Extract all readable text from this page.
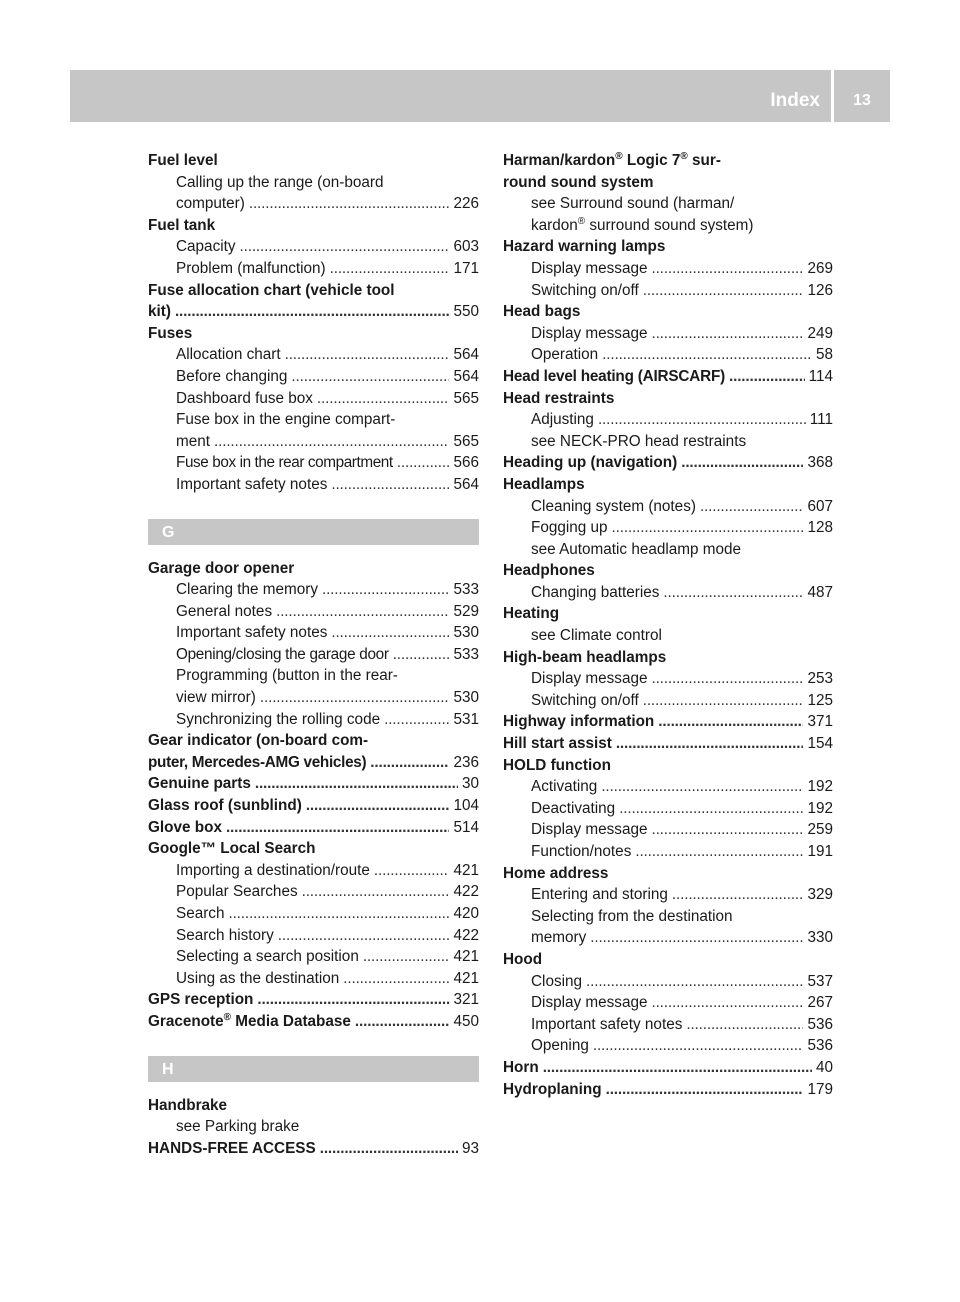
Index	13
Fuel level
Calling up the range (on-board
computer) . . .	226
Fuel tank
Capacity . . .	603
Problem (malfunction) . . .	171
Fuse allocation chart (vehicle tool
kit) . . .	550
Fuses
Allocation chart . . .	564
Before changing . . .	564
Dashboard fuse box . . .	565
Fuse box in the engine compart-
ment . . .	565
Fuse box in the rear compartment . . .	566
Important safety notes . . .	564
G
Garage door opener
Clearing the memory . . .	533
General notes . . .	529
Important safety notes . . .	530
Opening/closing the garage door . . .	533
Programming (button in the rear-
view mirror) . . .	530
Synchronizing the rolling code . . .	531
Gear indicator (on-board com-
puter, Mercedes-AMG vehicles) . . .	236
Genuine parts . . .	30
Glass roof (sunblind) . . .	104
Glove box . . .	514
Google™ Local Search
Importing a destination/route . . .	421
Popular Searches . . .	422
Search . . .	420
Search history . . .	422
Selecting a search position . . .	421
Using as the destination . . .	421
GPS reception . . .	321
Gracenote® Media Database . . .	450
H
Handbrake
see Parking brake
HANDS-FREE ACCESS . . .	93
Harman/kardon® Logic 7® sur-
round sound system
see Surround sound (harman/
kardon® surround sound system)
Hazard warning lamps
Display message . . .	269
Switching on/off . . .	126
Head bags
Display message . . .	249
Operation . . .	58
Head level heating (AIRSCARF) . . .	114
Head restraints
Adjusting . . .	111
see NECK-PRO head restraints
Heading up (navigation) . . .	368
Headlamps
Cleaning system (notes) . . .	607
Fogging up . . .	128
see Automatic headlamp mode
Headphones
Changing batteries . . .	487
Heating
see Climate control
High-beam headlamps
Display message . . .	253
Switching on/off . . .	125
Highway information . . .	371
Hill start assist . . .	154
HOLD function
Activating . . .	192
Deactivating . . .	192
Display message . . .	259
Function/notes . . .	191
Home address
Entering and storing . . .	329
Selecting from the destination
memory . . .	330
Hood
Closing . . .	537
Display message . . .	267
Important safety notes . . .	536
Opening . . .	536
Horn . . .	40
Hydroplaning . . .	179
